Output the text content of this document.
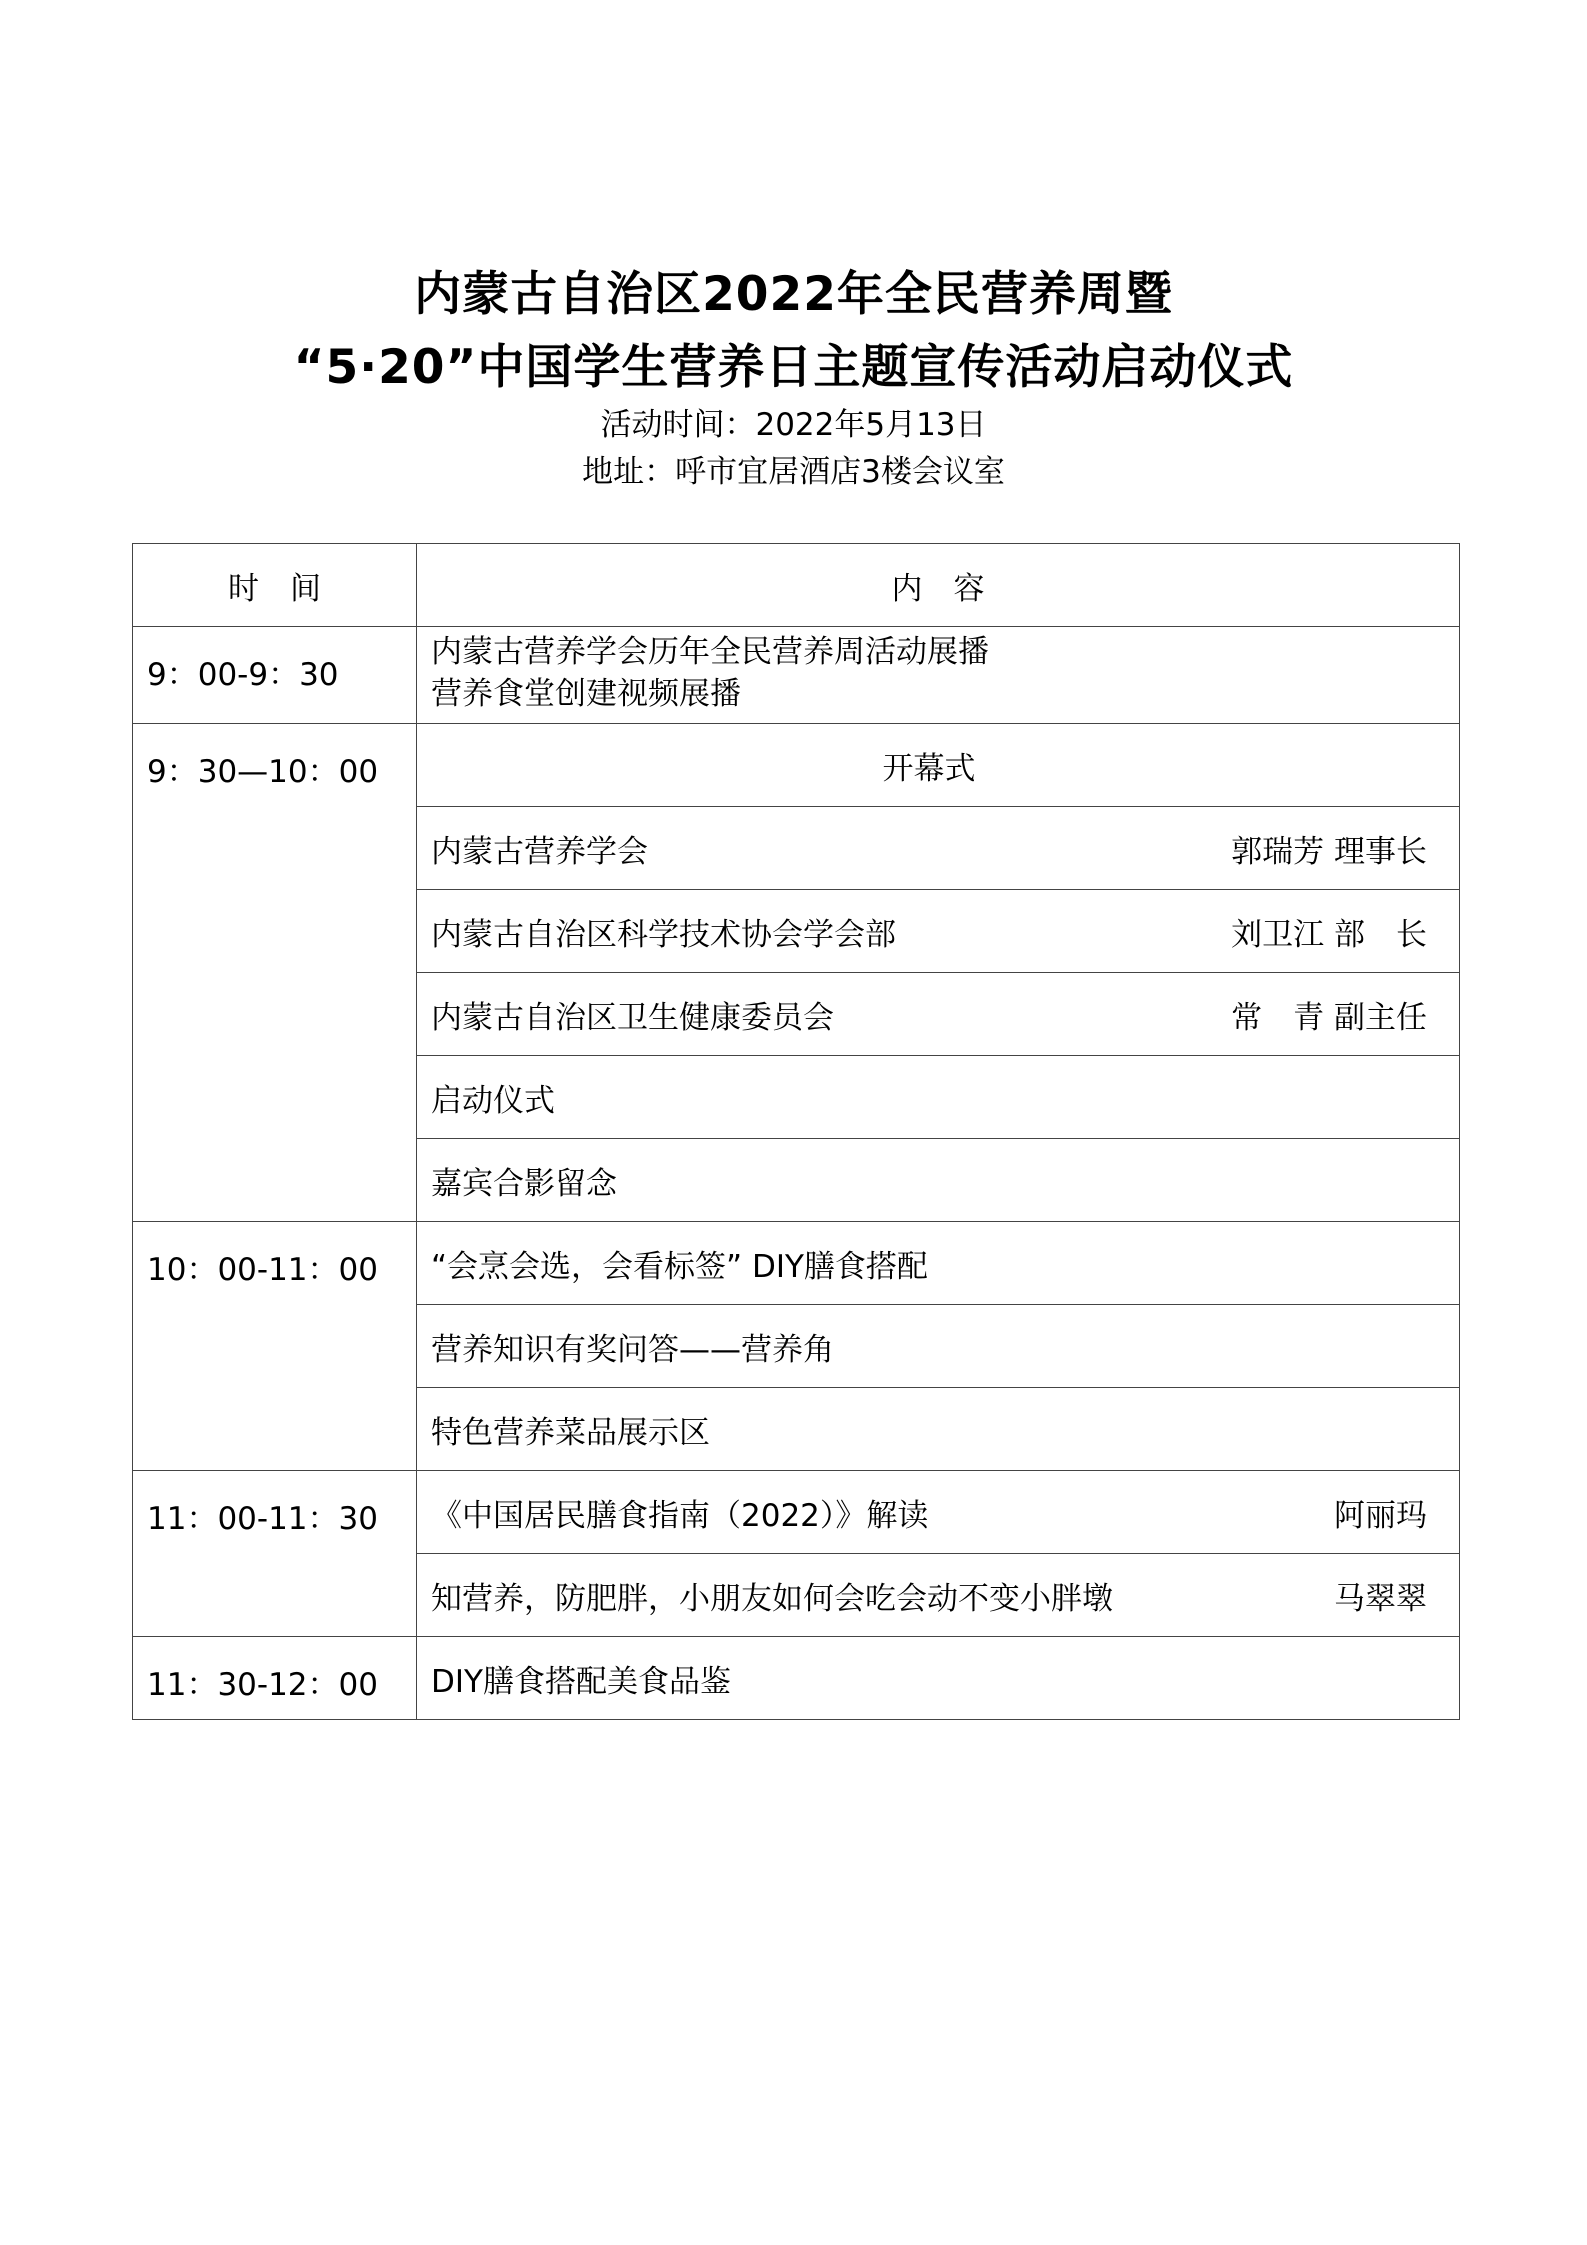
内蒙古自治区2022年全民营养周暨
“5·20”中国学生营养日主题宣传活动启动仪式
活动时间：2022年5月13日
地址：呼市宜居酒店3楼会议室
时　间	内　容
9：00-9：30	内蒙古营养学会历年全民营养周活动展播
营养食堂创建视频展播

9：30—10：00	开幕式

	内蒙古营养学会 郭瑞芳 理事长

	内蒙古自治区科学技术协会学会部 刘卫江 部　长

	内蒙古自治区卫生健康委员会 常　青 副主任

	启动仪式
	嘉宾合影留念
10：00-11：00	“会烹会选，会看标签” DIY膳食搭配
	营养知识有奖问答——营养角
	特色营养菜品展示区
11：00-11：30	《中国居民膳食指南（2022）》解读 阿丽玛

	知营养，防肥胖，小朋友如何会吃会动不变小胖墩 马翠翠

11：30-12：00	DIY膳食搭配美食品鉴
